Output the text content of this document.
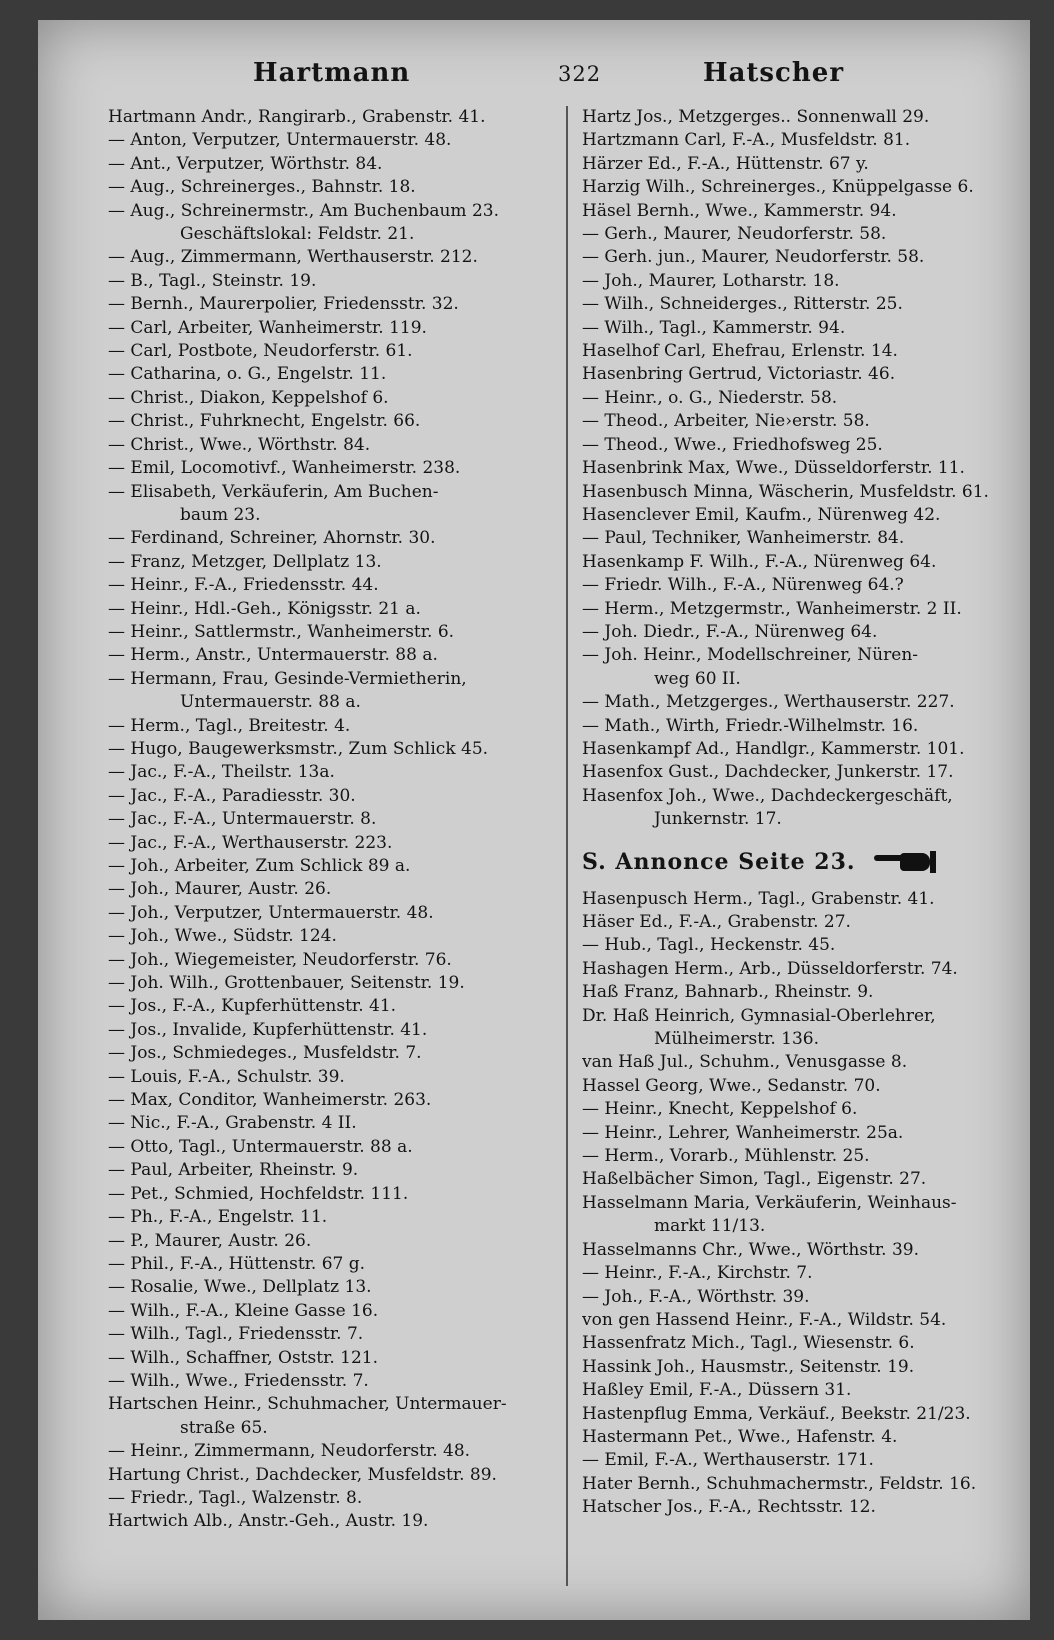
Hartmann	322	Hatscher
Hartmann Andr., Rangirarb., Grabenstr. 41.
— Anton, Verputzer, Untermauerstr. 48.
— Ant., Verputzer, Wörthstr. 84.
— Aug., Schreinerges., Bahnstr. 18.
— Aug., Schreinermstr., Am Buchenbaum 23.
Geschäftslokal: Feldstr. 21.
— Aug., Zimmermann, Werthauserstr. 212.
— B., Tagl., Steinstr. 19.
— Bernh., Maurerpolier, Friedensstr. 32.
— Carl, Arbeiter, Wanheimerstr. 119.
— Carl, Postbote, Neudorferstr. 61.
— Catharina, o. G., Engelstr. 11.
— Christ., Diakon, Keppelshof 6.
— Christ., Fuhrknecht, Engelstr. 66.
— Christ., Wwe., Wörthstr. 84.
— Emil, Locomotivf., Wanheimerstr. 238.
— Elisabeth, Verkäuferin, Am Buchen-
baum 23.
— Ferdinand, Schreiner, Ahornstr. 30.
— Franz, Metzger, Dellplatz 13.
— Heinr., F.-A., Friedensstr. 44.
— Heinr., Hdl.-Geh., Königsstr. 21 a.
— Heinr., Sattlermstr., Wanheimerstr. 6.
— Herm., Anstr., Untermauerstr. 88 a.
— Hermann, Frau, Gesinde-Vermietherin,
Untermauerstr. 88 a.
— Herm., Tagl., Breitestr. 4.
— Hugo, Baugewerksmstr., Zum Schlick 45.
— Jac., F.-A., Theilstr. 13a.
— Jac., F.-A., Paradiesstr. 30.
— Jac., F.-A., Untermauerstr. 8.
— Jac., F.-A., Werthauserstr. 223.
— Joh., Arbeiter, Zum Schlick 89 a.
— Joh., Maurer, Austr. 26.
— Joh., Verputzer, Untermauerstr. 48.
— Joh., Wwe., Südstr. 124.
— Joh., Wiegemeister, Neudorferstr. 76.
— Joh. Wilh., Grottenbauer, Seitenstr. 19.
— Jos., F.-A., Kupferhüttenstr. 41.
— Jos., Invalide, Kupferhüttenstr. 41.
— Jos., Schmiedeges., Musfeldstr. 7.
— Louis, F.-A., Schulstr. 39.
— Max, Conditor, Wanheimerstr. 263.
— Nic., F.-A., Grabenstr. 4 II.
— Otto, Tagl., Untermauerstr. 88 a.
— Paul, Arbeiter, Rheinstr. 9.
— Pet., Schmied, Hochfeldstr. 111.
— Ph., F.-A., Engelstr. 11.
— P., Maurer, Austr. 26.
— Phil., F.-A., Hüttenstr. 67 g.
— Rosalie, Wwe., Dellplatz 13.
— Wilh., F.-A., Kleine Gasse 16.
— Wilh., Tagl., Friedensstr. 7.
— Wilh., Schaffner, Oststr. 121.
— Wilh., Wwe., Friedensstr. 7.
Hartschen Heinr., Schuhmacher, Untermauer-
straße 65.
— Heinr., Zimmermann, Neudorferstr. 48.
Hartung Christ., Dachdecker, Musfeldstr. 89.
— Friedr., Tagl., Walzenstr. 8.
Hartwich Alb., Anstr.-Geh., Austr. 19.
Hartz Jos., Metzgerges.. Sonnenwall 29.
Hartzmann Carl, F.-A., Musfeldstr. 81.
Härzer Ed., F.-A., Hüttenstr. 67 y.
Harzig Wilh., Schreinerges., Knüppelgasse 6.
Häsel Bernh., Wwe., Kammerstr. 94.
— Gerh., Maurer, Neudorferstr. 58.
— Gerh. jun., Maurer, Neudorferstr. 58.
— Joh., Maurer, Lotharstr. 18.
— Wilh., Schneiderges., Ritterstr. 25.
— Wilh., Tagl., Kammerstr. 94.
Haselhof Carl, Ehefrau, Erlenstr. 14.
Hasenbring Gertrud, Victoriastr. 46.
— Heinr., o. G., Niederstr. 58.
— Theod., Arbeiter, Nie›erstr. 58.
— Theod., Wwe., Friedhofsweg 25.
Hasenbrink Max, Wwe., Düsseldorferstr. 11.
Hasenbusch Minna, Wäscherin, Musfeldstr. 61.
Hasenclever Emil, Kaufm., Nürenweg 42.
— Paul, Techniker, Wanheimerstr. 84.
Hasenkamp F. Wilh., F.-A., Nürenweg 64.
— Friedr. Wilh., F.-A., Nürenweg 64.?
— Herm., Metzgermstr., Wanheimerstr. 2 II.
— Joh. Diedr., F.-A., Nürenweg 64.
— Joh. Heinr., Modellschreiner, Nüren-
weg 60 II.
— Math., Metzgerges., Werthauserstr. 227.
— Math., Wirth, Friedr.-Wilhelmstr. 16.
Hasenkampf Ad., Handlgr., Kammerstr. 101.
Hasenfox Gust., Dachdecker, Junkerstr. 17.
Hasenfox Joh., Wwe., Dachdeckergeschäft,
Junkernstr. 17.
S. Annonce Seite 23.
Hasenpusch Herm., Tagl., Grabenstr. 41.
Häser Ed., F.-A., Grabenstr. 27.
— Hub., Tagl., Heckenstr. 45.
Hashagen Herm., Arb., Düsseldorferstr. 74.
Haß Franz, Bahnarb., Rheinstr. 9.
Dr. Haß Heinrich, Gymnasial-Oberlehrer,
Mülheimerstr. 136.
van Haß Jul., Schuhm., Venusgasse 8.
Hassel Georg, Wwe., Sedanstr. 70.
— Heinr., Knecht, Keppelshof 6.
— Heinr., Lehrer, Wanheimerstr. 25a.
— Herm., Vorarb., Mühlenstr. 25.
Haßelbächer Simon, Tagl., Eigenstr. 27.
Hasselmann Maria, Verkäuferin, Weinhaus-
markt 11/13.
Hasselmanns Chr., Wwe., Wörthstr. 39.
— Heinr., F.-A., Kirchstr. 7.
— Joh., F.-A., Wörthstr. 39.
von gen Hassend Heinr., F.-A., Wildstr. 54.
Hassenfratz Mich., Tagl., Wiesenstr. 6.
Hassink Joh., Hausmstr., Seitenstr. 19.
Haßley Emil, F.-A., Düssern 31.
Hastenpflug Emma, Verkäuf., Beekstr. 21/23.
Hastermann Pet., Wwe., Hafenstr. 4.
— Emil, F.-A., Werthauserstr. 171.
Hater Bernh., Schuhmachermstr., Feldstr. 16.
Hatscher Jos., F.-A., Rechtsstr. 12.
